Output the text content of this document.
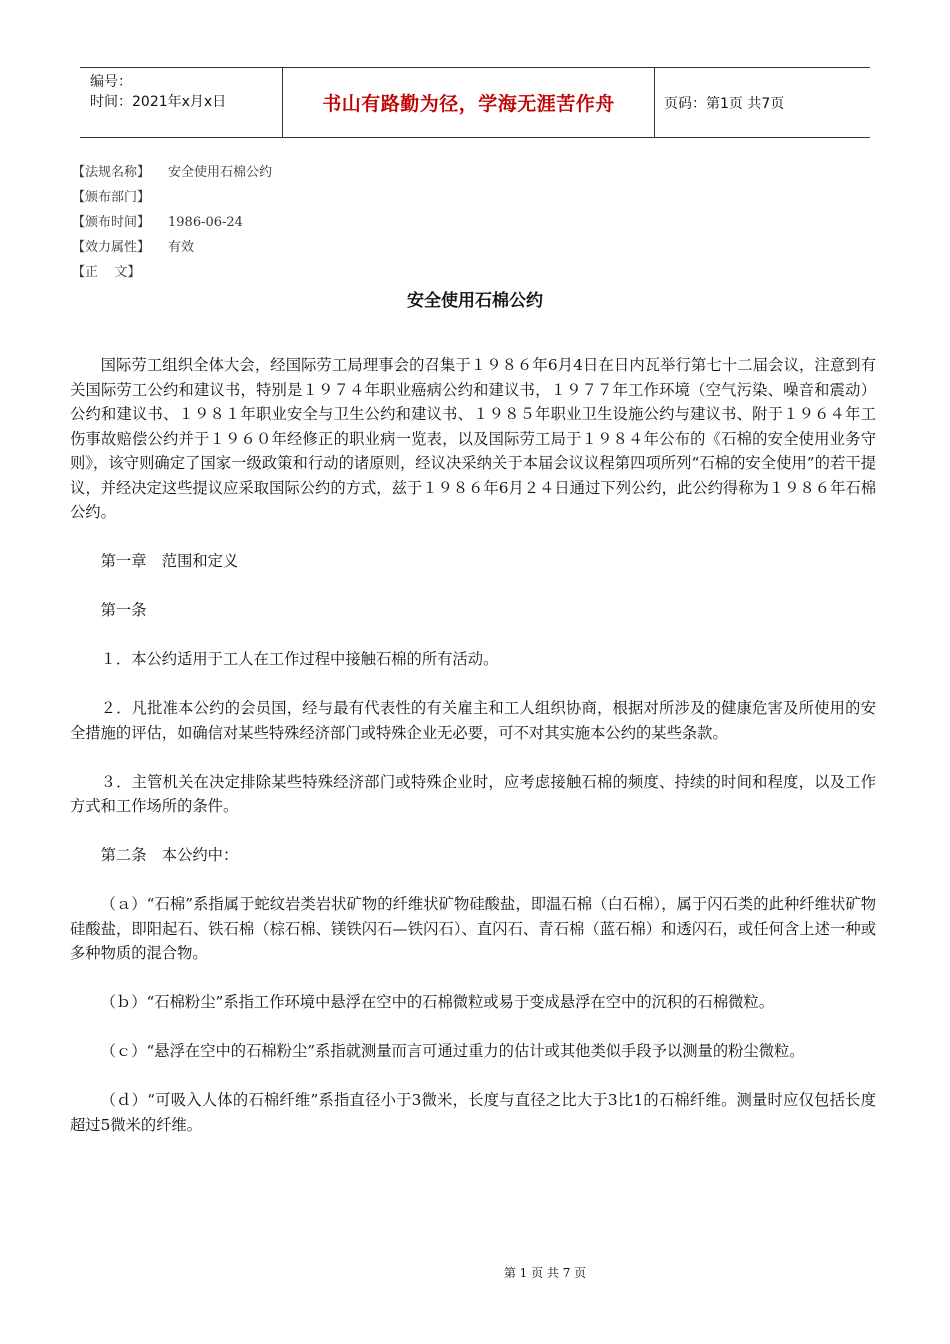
编号：
时间：2021年x月x日	书山有路勤为径，学海无涯苦作舟	页码：第1页 共7页
【法规名称】	安全使用石棉公约
【颁布部门】
【颁布时间】	1986-06-24
【效力属性】	有效
【正    文】
安全使用石棉公约

国际劳工组织全体大会，经国际劳工局理事会的召集于１９８６年6月4日在日内瓦举行第七十二届会议，注意到有关国际劳工公约和建议书，特别是１９７４年职业癌病公约和建议书，１９７７年工作环境（空气污染、噪音和震动）公约和建议书、１９８１年职业安全与卫生公约和建议书、１９８５年职业卫生设施公约与建议书、附于１９６４年工伤事故赔偿公约并于１９６０年经修正的职业病一览表，以及国际劳工局于１９８４年公布的《石棉的安全使用业务守则》，该守则确定了国家一级政策和行动的诸原则，经议决采纳关于本届会议议程第四项所列“石棉的安全使用”的若干提议，并经决定这些提议应采取国际公约的方式，兹于１９８６年6月２４日通过下列公约，此公约得称为１９８６年石棉公约。

第一章　范围和定义

第一条

１．本公约适用于工人在工作过程中接触石棉的所有活动。

２．凡批准本公约的会员国，经与最有代表性的有关雇主和工人组织协商，根据对所涉及的健康危害及所使用的安全措施的评估，如确信对某些特殊经济部门或特殊企业无必要，可不对其实施本公约的某些条款。

３．主管机关在决定排除某些特殊经济部门或特殊企业时，应考虑接触石棉的频度、持续的时间和程度，以及工作方式和工作场所的条件。

第二条　本公约中：

（ａ）“石棉”系指属于蛇纹岩类岩状矿物的纤维状矿物硅酸盐，即温石棉（白石棉），属于闪石类的此种纤维状矿物硅酸盐，即阳起石、铁石棉（棕石棉、镁铁闪石—铁闪石）、直闪石、青石棉（蓝石棉）和透闪石，或任何含上述一种或多种物质的混合物。

（ｂ）“石棉粉尘”系指工作环境中悬浮在空中的石棉微粒或易于变成悬浮在空中的沉积的石棉微粒。

（ｃ）“悬浮在空中的石棉粉尘”系指就测量而言可通过重力的估计或其他类似手段予以测量的粉尘微粒。

（ｄ）“可吸入人体的石棉纤维”系指直径小于3微米，长度与直径之比大于3比1的石棉纤维。测量时应仅包括长度超过5微米的纤维。

第 1 页 共 7 页
